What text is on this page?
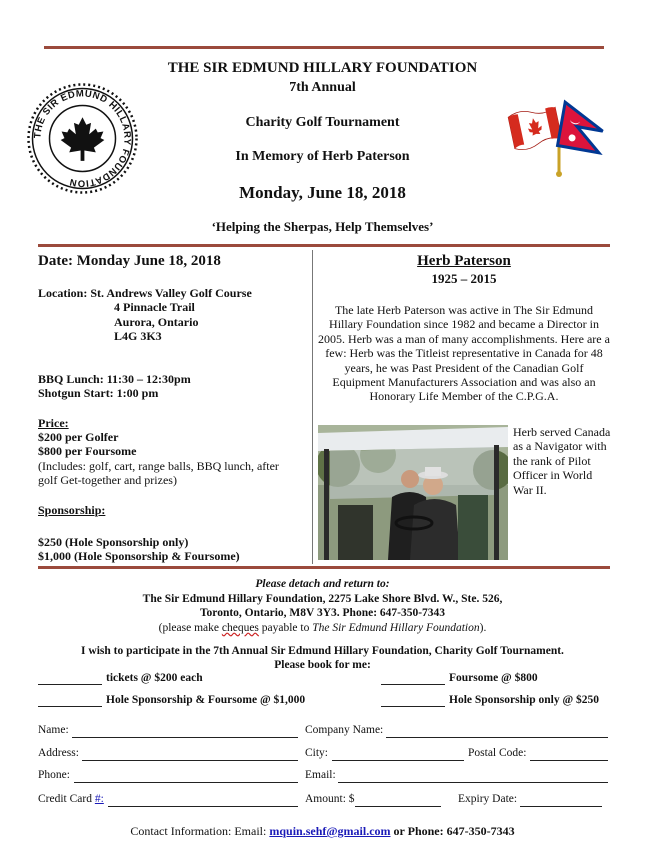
THE SIR EDMUND HILLARY FOUNDATION
7th Annual
Charity Golf Tournament
In Memory of Herb Paterson
Monday, June 18, 2018
‘Helping the Sherpas, Help Themselves’
THE SIR EDMUND HILLARY FOUNDATION
Date: Monday June 18, 2018
Location: St. Andrews Valley Golf Course
4 Pinnacle Trail
Aurora, Ontario
L4G 3K3
BBQ Lunch: 11:30 – 12:30pm
Shotgun Start: 1:00 pm
Price:
$200 per Golfer
$800 per Foursome
(Includes: golf, cart, range balls, BBQ lunch, after
golf Get-together and prizes)
Sponsorship:
$250 (Hole Sponsorship only)
$1,000 (Hole Sponsorship & Foursome)
Herb Paterson
1925 – 2015
The late Herb Paterson was active in The Sir Edmund Hillary Foundation since 1982 and became a Director in 2005. Herb was a man of many accomplishments. Here are a few: Herb was the Titleist representative in Canada for 48 years, he was Past President of the Canadian Golf Equipment Manufacturers Association and was also an Honorary Life Member of the C.P.G.A.
Herb served Canada as a Navigator with the rank of Pilot Officer in World War II.
Please detach and return to:
The Sir Edmund Hillary Foundation, 2275 Lake Shore Blvd. W., Ste. 526,
Toronto, Ontario, M8V 3Y3. Phone: 647-350-7343
(please make cheques payable to The Sir Edmund Hillary Foundation).
I wish to participate in the 7th Annual Sir Edmund Hillary Foundation, Charity Golf Tournament.
Please book for me:
tickets @ $200 each	Foursome @ $800
Hole Sponsorship & Foursome @ $1,000	Hole Sponsorship only @ $250
Name:	Company Name:
Address:	City:	Postal Code:
Phone:	Email:
Credit Card #:	Amount: $	Expiry Date:
Contact Information: Email: mquin.sehf@gmail.com or Phone: 647-350-7343
